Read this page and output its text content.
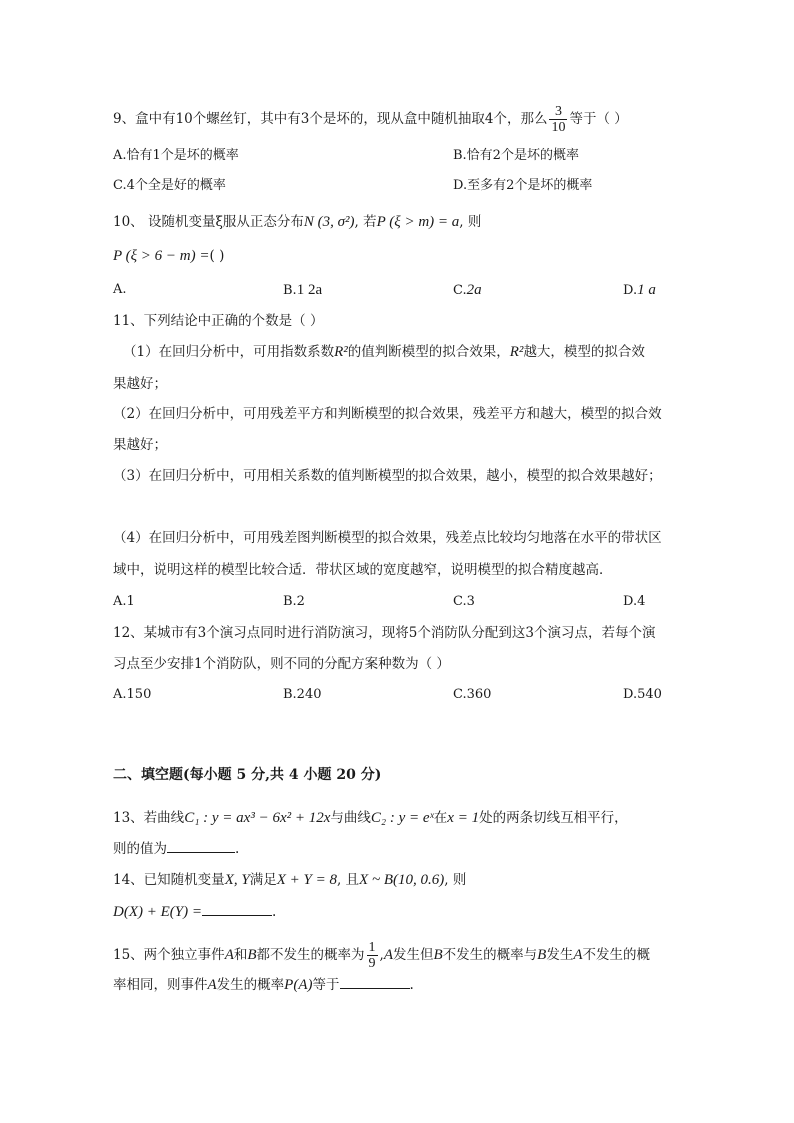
9、盒中有10个螺丝钉，其中有3个是坏的，现从盒中随机抽取4个，那么 $\frac{3}{10}$ 等于（ ）
A.恰有1个是坏的概率	B.恰有2个是坏的概率
C.4个全是好的概率	D.至多有2个是坏的概率
10、 设随机变量ξ服从正态分布N (3, σ²), 若P (ξ > m) = a, 则
P (ξ > 6 − m) =( )
A.	B.1 2a	C.2a	D.1 a
11、下列结论中正确的个数是（ ）
（1）在回归分析中，可用指数系数R²的值判断模型的拟合效果，R²越大，模型的拟合效
果越好；
（2）在回归分析中，可用残差平方和判断模型的拟合效果，残差平方和越大，模型的拟合效
果越好；
（3）在回归分析中，可用相关系数的值判断模型的拟合效果，越小，模型的拟合效果越好；
（4）在回归分析中，可用残差图判断模型的拟合效果，残差点比较均匀地落在水平的带状区
域中，说明这样的模型比较合适．带状区域的宽度越窄，说明模型的拟合精度越高．
A.1	B.2	C.3	D.4
12、某城市有3个演习点同时进行消防演习，现将5个消防队分配到这3个演习点，若每个演
习点至少安排1个消防队，则不同的分配方案种数为（ ）
A.150	B.240	C.360	D.540
二、填空题(每小题 5 分,共 4 小题 20 分)
13、若曲线C₁ : y = ax³ − 6x² + 12x与曲线C₂ : y = eˣ在x = 1处的两条切线互相平行，
则的值为	.
14、已知随机变量X, Y满足X + Y = 8, 且X ~ B(10, 0.6), 则
D(X) + E(Y) =	.
15、两个独立事件A和B都不发生的概率为 $\frac{1}{9} ,A$发生但B不发生的概率与B发生A不发生的概
率相同，则事件A发生的概率P(A)等于	.
